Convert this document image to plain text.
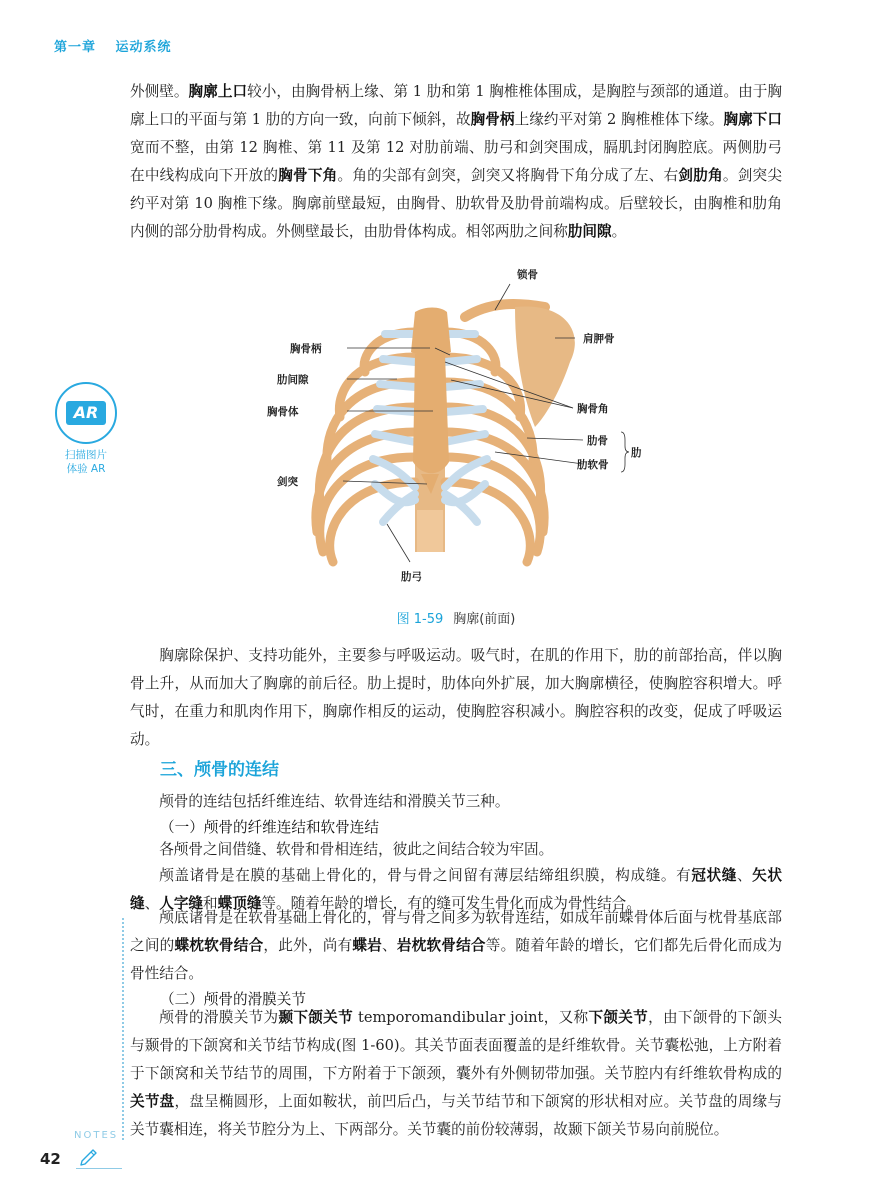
第一章 运动系统
外侧壁。胸廓上口较小，由胸骨柄上缘、第 1 肋和第 1 胸椎椎体围成，是胸腔与颈部的通道。由于胸廓上口的平面与第 1 肋的方向一致，向前下倾斜，故胸骨柄上缘约平对第 2 胸椎椎体下缘。胸廓下口宽而不整，由第 12 胸椎、第 11 及第 12 对肋前端、肋弓和剑突围成，膈肌封闭胸腔底。两侧肋弓在中线构成向下开放的胸骨下角。角的尖部有剑突，剑突又将胸骨下角分成了左、右剑肋角。剑突尖约平对第 10 胸椎下缘。胸廓前壁最短，由胸骨、肋软骨及肋骨前端构成。后壁较长，由胸椎和肋角内侧的部分肋骨构成。外侧壁最长，由肋骨体构成。相邻两肋之间称肋间隙。
锁骨
肩胛骨
胸骨柄
肋间隙
胸骨体	胸骨角
肋骨
肋软骨
肋
剑突
肋弓
图 1-59 胸廓(前面)
AR
扫描图片
体验 AR
胸廓除保护、支持功能外，主要参与呼吸运动。吸气时，在肌的作用下，肋的前部抬高，伴以胸骨上升，从而加大了胸廓的前后径。肋上提时，肋体向外扩展，加大胸廓横径，使胸腔容积增大。呼气时，在重力和肌肉作用下，胸廓作相反的运动，使胸腔容积减小。胸腔容积的改变，促成了呼吸运动。
三、颅骨的连结
颅骨的连结包括纤维连结、软骨连结和滑膜关节三种。
（一）颅骨的纤维连结和软骨连结
各颅骨之间借缝、软骨和骨相连结，彼此之间结合较为牢固。
颅盖诸骨是在膜的基础上骨化的，骨与骨之间留有薄层结缔组织膜，构成缝。有冠状缝、矢状缝、人字缝和蝶顶缝等。随着年龄的增长，有的缝可发生骨化而成为骨性结合。
颅底诸骨是在软骨基础上骨化的，骨与骨之间多为软骨连结，如成年前蝶骨体后面与枕骨基底部之间的蝶枕软骨结合，此外，尚有蝶岩、岩枕软骨结合等。随着年龄的增长，它们都先后骨化而成为骨性结合。
（二）颅骨的滑膜关节
颅骨的滑膜关节为颞下颌关节 temporomandibular joint，又称下颌关节，由下颌骨的下颌头与颞骨的下颌窝和关节结节构成(图 1-60)。其关节面表面覆盖的是纤维软骨。关节囊松弛，上方附着于下颌窝和关节结节的周围，下方附着于下颌颈，囊外有外侧韧带加强。关节腔内有纤维软骨构成的关节盘，盘呈椭圆形，上面如鞍状，前凹后凸，与关节结节和下颌窝的形状相对应。关节盘的周缘与关节囊相连，将关节腔分为上、下两部分。关节囊的前份较薄弱，故颞下颌关节易向前脱位。
NOTES
42
